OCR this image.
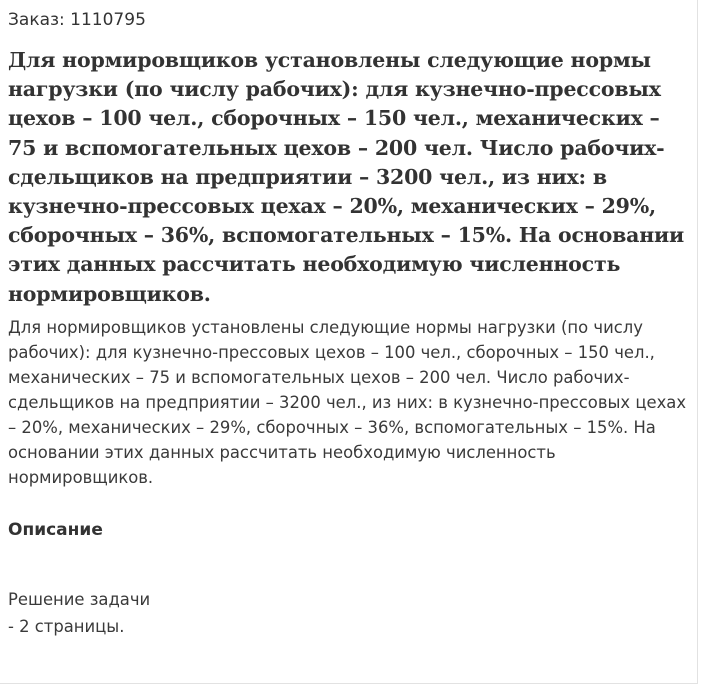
Заказ: 1110795

Для нормировщиков установлены следующие нормы нагрузки (по числу рабочих): для кузнечно-прессовых цехов – 100 чел., сборочных – 150 чел., механических – 75 и вспомогательных цехов – 200 чел. Число рабочих-сдельщиков на предприятии – 3200 чел., из них: в кузнечно-прессовых цехах – 20%, механических – 29%, сборочных – 36%, вспомогательных – 15%. На основании этих данных рассчитать необходимую численность нормировщиков.

Для нормировщиков установлены следующие нормы нагрузки (по числу рабочих): для кузнечно-прессовых цехов – 100 чел., сборочных – 150 чел., механических – 75 и вспомогательных цехов – 200 чел. Число рабочих-сдельщиков на предприятии – 3200 чел., из них: в кузнечно-прессовых цехах – 20%, механических – 29%, сборочных – 36%, вспомогательных – 15%. На основании этих данных рассчитать необходимую численность нормировщиков.

Описание

Решение задачи

- 2 страницы.
